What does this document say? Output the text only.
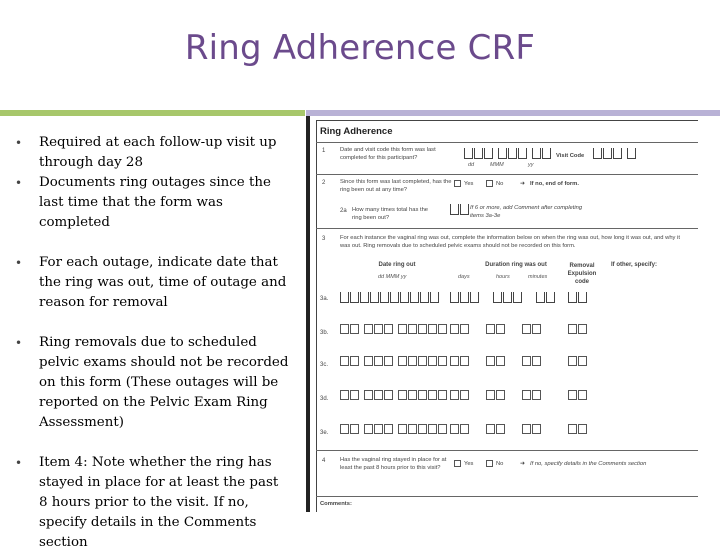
Ring Adherence CRF
• Required at each follow-up visit up through day 28
• Documents ring outages since the last time that the form was completed
• For each outage, indicate date that the ring was out, time of outage and reason for removal
• Ring removals due to scheduled pelvic exams should not be recorded on this form (These outages will be reported on the Pelvic Exam Ring Assessment)
• Item 4: Note whether the ring has stayed in place for at least the past 8 hours prior to the visit. If no, specify details in the Comments section
Ring Adherence
1	Date and visit code this form was last completed for this participant?
dd	MMM	yy
Visit Code
2	Since this form was last completed, has the ring been out at any time?
Yes	No	➜ If no, end of form.
2a How many times total has the ring been out?
If 6 or more, add Comment after completing items 3a-3e
3	For each instance the vaginal ring was out, complete the information below on when the ring was out, how long it was out, and why it was out. Ring removals due to scheduled pelvic exams should not be recorded on this form.
Date ring out
dd MMM yy
Duration ring was out
days	hours	minutes
Removal Expulsion code
If other, specify:
3a.
3b.
3c.
3d.
3e.
4	Has the vaginal ring stayed in place for at least the past 8 hours prior to this visit?
Yes	No	➜ If no, specify details in the Comments section
Comments:
